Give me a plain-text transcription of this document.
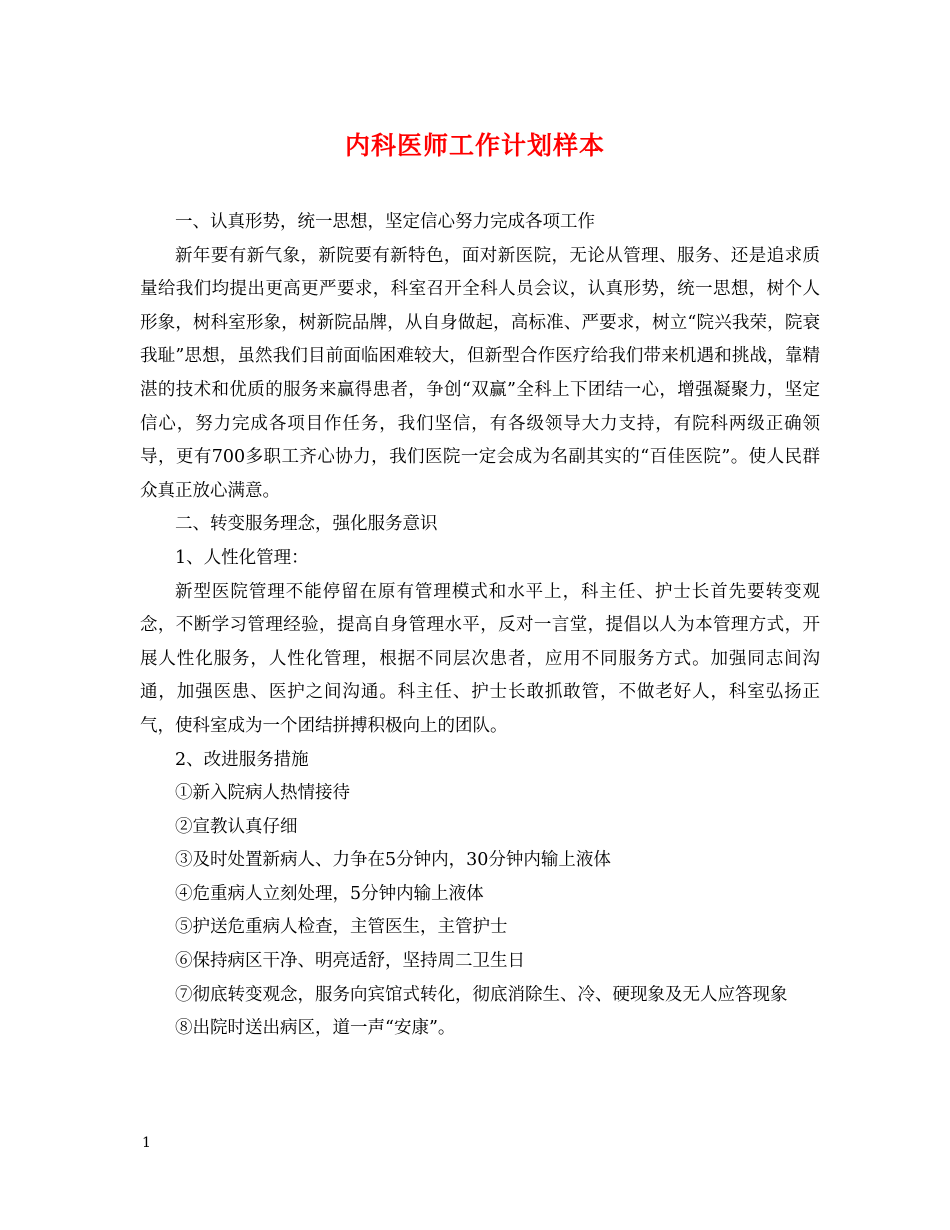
内科医师工作计划样本

一、认真形势，统一思想，坚定信心努力完成各项工作

新年要有新气象，新院要有新特色，面对新医院，无论从管理、服务、还是追求质量给我们均提出更高更严要求，科室召开全科人员会议，认真形势，统一思想，树个人形象，树科室形象，树新院品牌，从自身做起，高标准、严要求，树立“院兴我荣，院衰我耻”思想，虽然我们目前面临困难较大，但新型合作医疗给我们带来机遇和挑战，靠精湛的技术和优质的服务来赢得患者，争创“双赢”全科上下团结一心，增强凝聚力，坚定信心，努力完成各项目作任务，我们坚信，有各级领导大力支持，有院科两级正确领导，更有700多职工齐心协力，我们医院一定会成为名副其实的“百佳医院”。使人民群众真正放心满意。

二、转变服务理念，强化服务意识

1、人性化管理：

新型医院管理不能停留在原有管理模式和水平上，科主任、护士长首先要转变观念，不断学习管理经验，提高自身管理水平，反对一言堂，提倡以人为本管理方式，开展人性化服务，人性化管理，根据不同层次患者，应用不同服务方式。加强同志间沟通，加强医患、医护之间沟通。科主任、护士长敢抓敢管，不做老好人，科室弘扬正气，使科室成为一个团结拼搏积极向上的团队。

2、改进服务措施

①新入院病人热情接待

②宣教认真仔细

③及时处置新病人、力争在5分钟内，30分钟内输上液体

④危重病人立刻处理，5分钟内输上液体

⑤护送危重病人检查，主管医生，主管护士

⑥保持病区干净、明亮适舒，坚持周二卫生日

⑦彻底转变观念，服务向宾馆式转化，彻底消除生、冷、硬现象及无人应答现象

⑧出院时送出病区，道一声“安康”。

1
